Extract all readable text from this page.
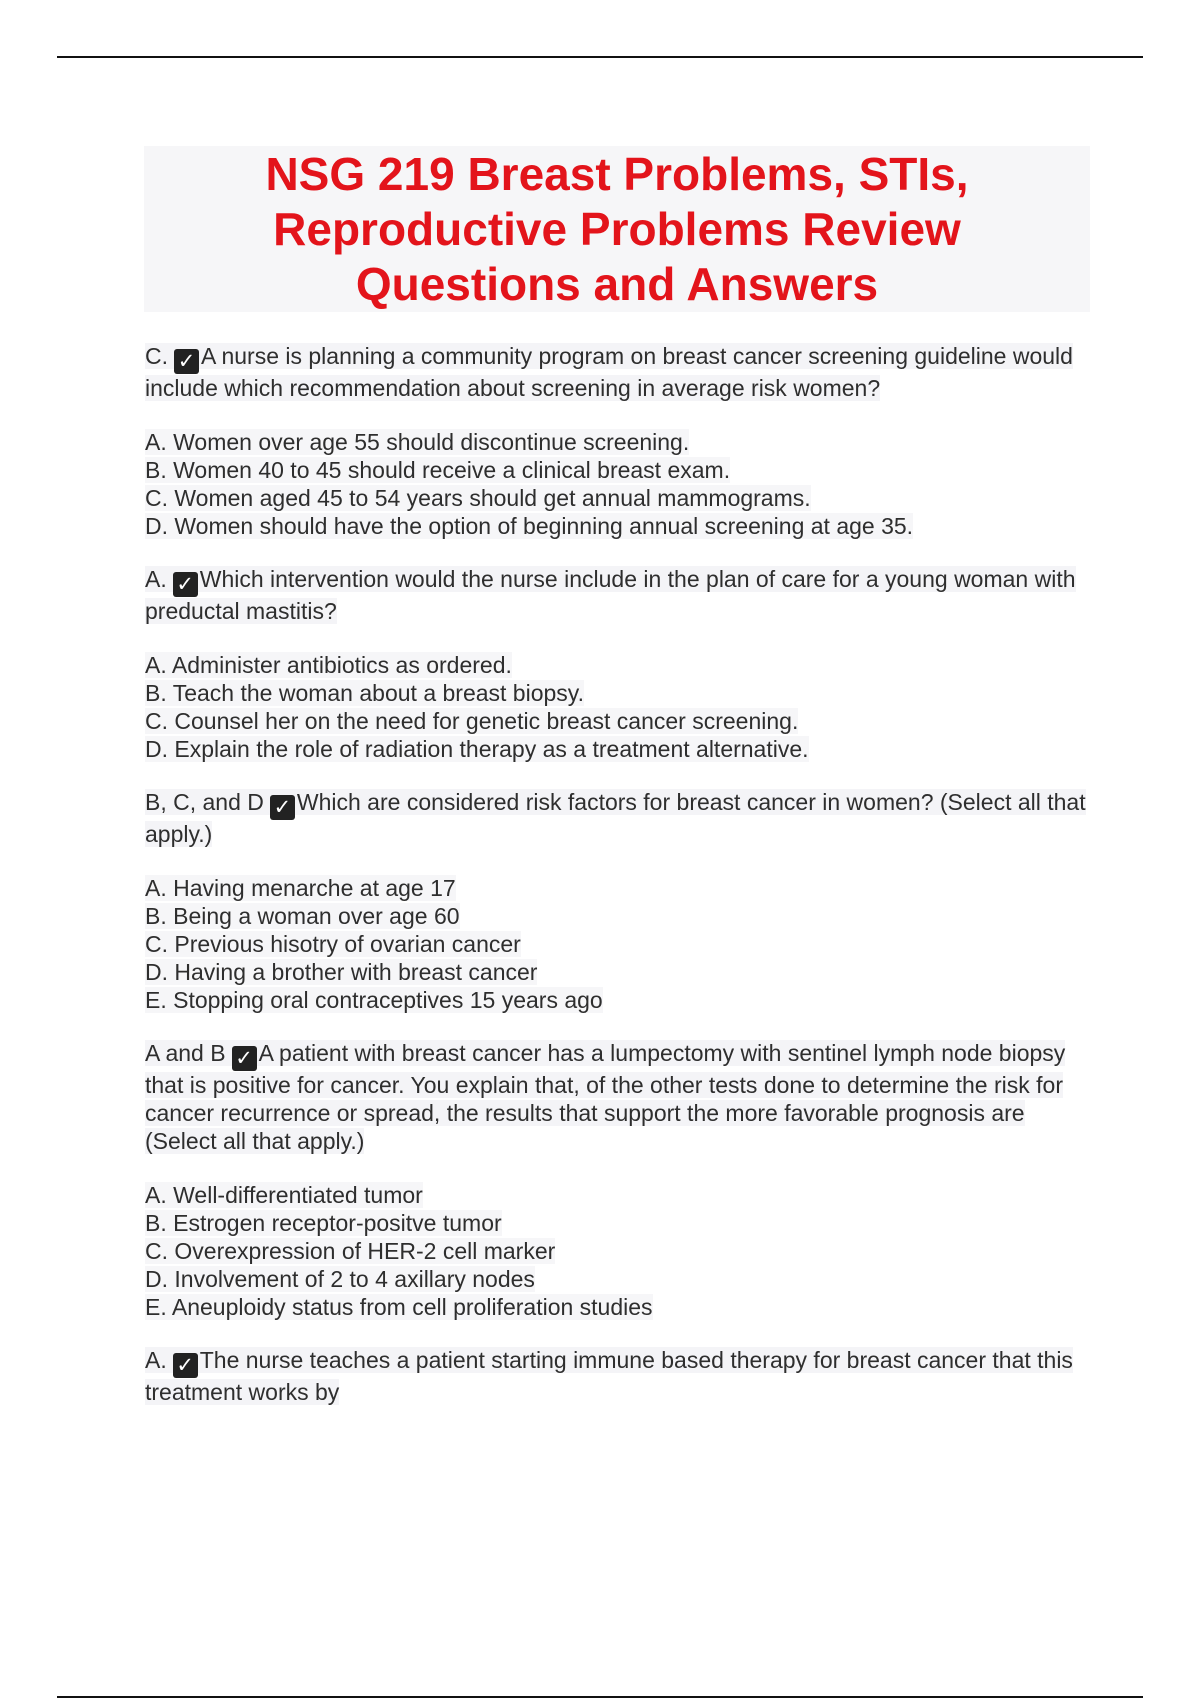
NSG 219 Breast Problems, STIs,
Reproductive Problems Review
Questions and Answers
C. ✓ A nurse is planning a community program on breast cancer screening guideline would include which recommendation about screening in average risk women?
A. Women over age 55 should discontinue screening.
B. Women 40 to 45 should receive a clinical breast exam.
C. Women aged 45 to 54 years should get annual mammograms.
D. Women should have the option of beginning annual screening at age 35.
A. ✓ Which intervention would the nurse include in the plan of care for a young woman with preductal mastitis?
A. Administer antibiotics as ordered.
B. Teach the woman about a breast biopsy.
C. Counsel her on the need for genetic breast cancer screening.
D. Explain the role of radiation therapy as a treatment alternative.
B, C, and D ✓ Which are considered risk factors for breast cancer in women? (Select all that apply.)
A. Having menarche at age 17
B. Being a woman over age 60
C. Previous hisotry of ovarian cancer
D. Having a brother with breast cancer
E. Stopping oral contraceptives 15 years ago
A and B ✓ A patient with breast cancer has a lumpectomy with sentinel lymph node biopsy that is positive for cancer. You explain that, of the other tests done to determine the risk for cancer recurrence or spread, the results that support the more favorable prognosis are (Select all that apply.)
A. Well-differentiated tumor
B. Estrogen receptor-positve tumor
C. Overexpression of HER-2 cell marker
D. Involvement of 2 to 4 axillary nodes
E. Aneuploidy status from cell proliferation studies
A. ✓ The nurse teaches a patient starting immune based therapy for breast cancer that this treatment works by
